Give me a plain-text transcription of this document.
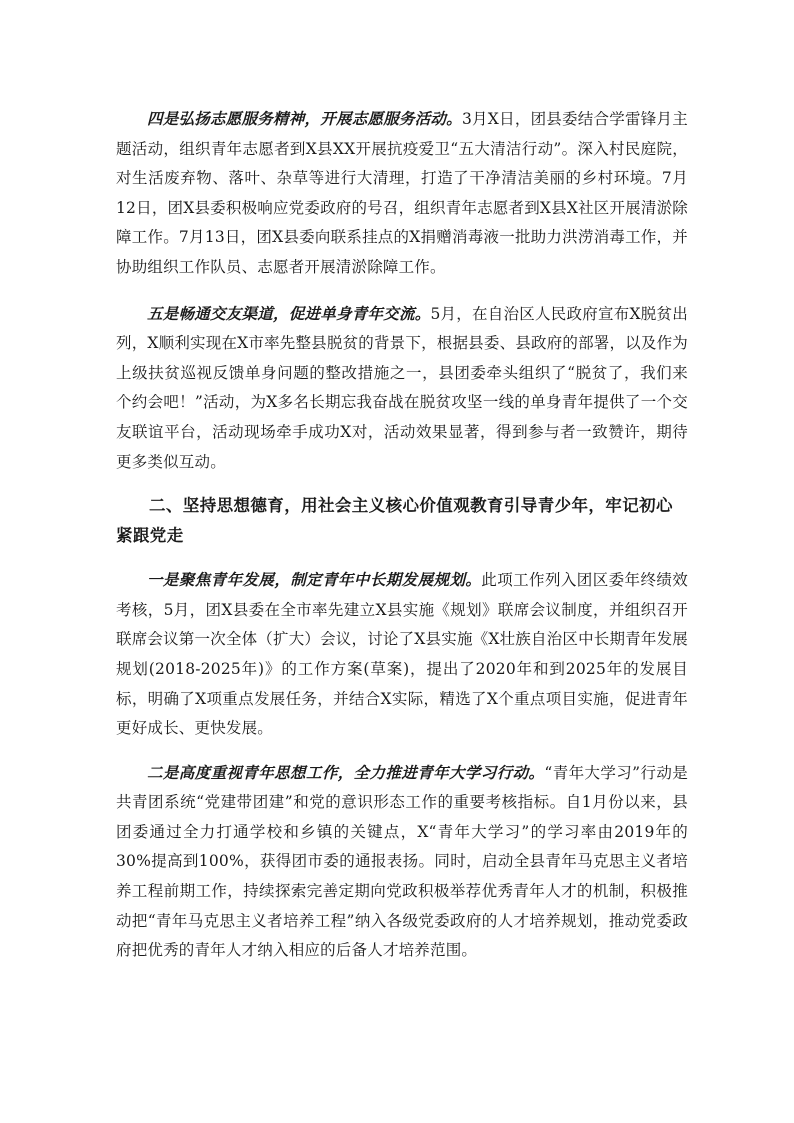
四是弘扬志愿服务精神，开展志愿服务活动。3月X日，团县委结合学雷锋月主题活动，组织青年志愿者到X县XX开展抗疫爱卫“五大清洁行动”。深入村民庭院，对生活废弃物、落叶、杂草等进行大清理，打造了干净清洁美丽的乡村环境。7月12日，团X县委积极响应党委政府的号召，组织青年志愿者到X县X社区开展清淤除障工作。7月13日，团X县委向联系挂点的X捐赠消毒液一批助力洪涝消毒工作，并协助组织工作队员、志愿者开展清淤除障工作。

五是畅通交友渠道，促进单身青年交流。5月，在自治区人民政府宣布X脱贫出列，X顺利实现在X市率先整县脱贫的背景下，根据县委、县政府的部署，以及作为上级扶贫巡视反馈单身问题的整改措施之一，县团委牵头组织了“脱贫了，我们来个约会吧！”活动，为X多名长期忘我奋战在脱贫攻坚一线的单身青年提供了一个交友联谊平台，活动现场牵手成功X对，活动效果显著，得到参与者一致赞许，期待更多类似互动。

二、坚持思想德育，用社会主义核心价值观教育引导青少年，牢记初心紧跟党走

一是聚焦青年发展，制定青年中长期发展规划。此项工作列入团区委年终绩效考核，5月，团X县委在全市率先建立X县实施《规划》联席会议制度，并组织召开联席会议第一次全体（扩大）会议，讨论了X县实施《X壮族自治区中长期青年发展规划(2018-2025年)》的工作方案(草案)，提出了2020年和到2025年的发展目标，明确了X项重点发展任务，并结合X实际，精选了X个重点项目实施，促进青年更好成长、更快发展。

二是高度重视青年思想工作，全力推进青年大学习行动。“青年大学习”行动是共青团系统“党建带团建”和党的意识形态工作的重要考核指标。自1月份以来，县团委通过全力打通学校和乡镇的关键点，X“青年大学习”的学习率由2019年的30%提高到100%，获得团市委的通报表扬。同时，启动全县青年马克思主义者培养工程前期工作，持续探索完善定期向党政积极举荐优秀青年人才的机制，积极推动把“青年马克思主义者培养工程”纳入各级党委政府的人才培养规划，推动党委政府把优秀的青年人才纳入相应的后备人才培养范围。
